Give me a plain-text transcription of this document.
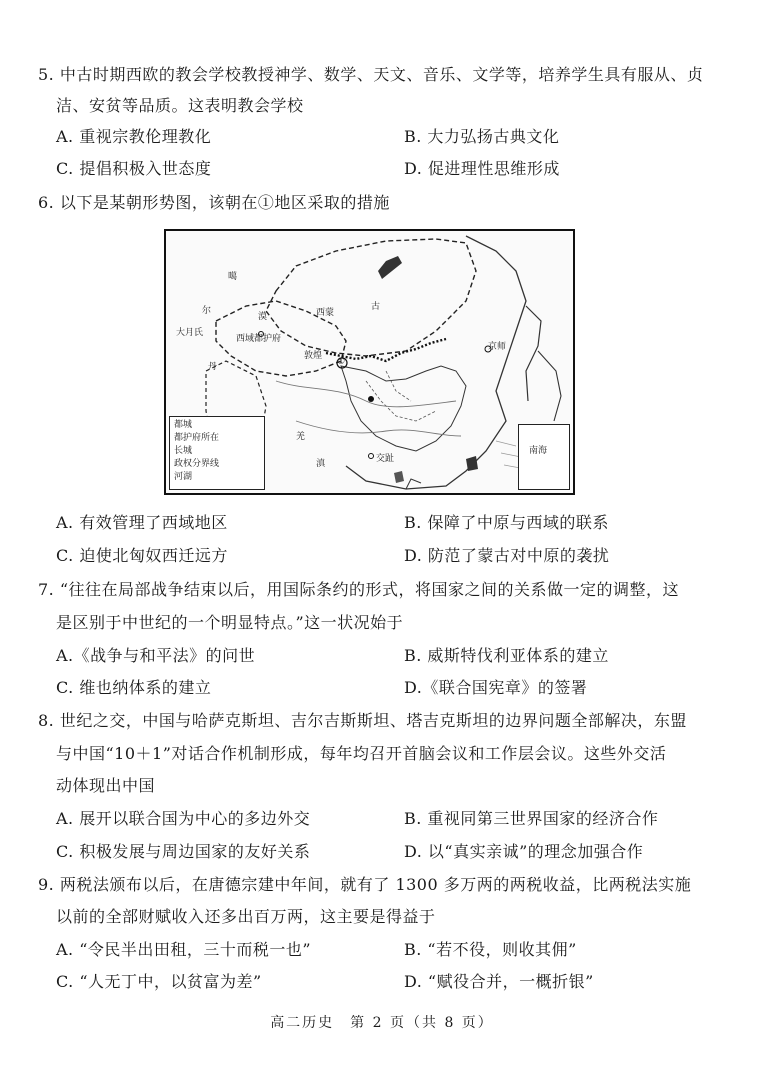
5. 中古时期西欧的教会学校教授神学、数学、天文、音乐、文学等，培养学生具有服从、贞
洁、安贫等品质。这表明教会学校
A. 重视宗教伦理教化	B. 大力弘扬古典文化
C. 提倡积极入世态度	D. 促进理性思维形成
6. 以下是某朝形势图，该朝在①地区采取的措施
噶
尔
大月氏
丹
漠
西域都护府
西蒙
古
敦煌
①
京师
羌
滇	交趾
都城
都护府所在
长城
政权分界线
河湖
南海
A. 有效管理了西域地区	B. 保障了中原与西域的联系
C. 迫使北匈奴西迁远方	D. 防范了蒙古对中原的袭扰
7. “往往在局部战争结束以后，用国际条约的形式，将国家之间的关系做一定的调整，这
是区别于中世纪的一个明显特点。”这一状况始于
A.《战争与和平法》的问世	B. 威斯特伐利亚体系的建立
C. 维也纳体系的建立	D.《联合国宪章》的签署
8. 世纪之交，中国与哈萨克斯坦、吉尔吉斯斯坦、塔吉克斯坦的边界问题全部解决，东盟
与中国“10＋1”对话合作机制形成，每年均召开首脑会议和工作层会议。这些外交活
动体现出中国
A. 展开以联合国为中心的多边外交	B. 重视同第三世界国家的经济合作
C. 积极发展与周边国家的友好关系	D. 以“真实亲诚”的理念加强合作
9. 两税法颁布以后，在唐德宗建中年间，就有了 1300 多万两的两税收益，比两税法实施
以前的全部财赋收入还多出百万两，这主要是得益于
A. “令民半出田租，三十而税一也”	B. “若不役，则收其佣”
C. “人无丁中，以贫富为差”	D. “赋役合并，一概折银”
高二历史　第 2 页（共 8 页）
